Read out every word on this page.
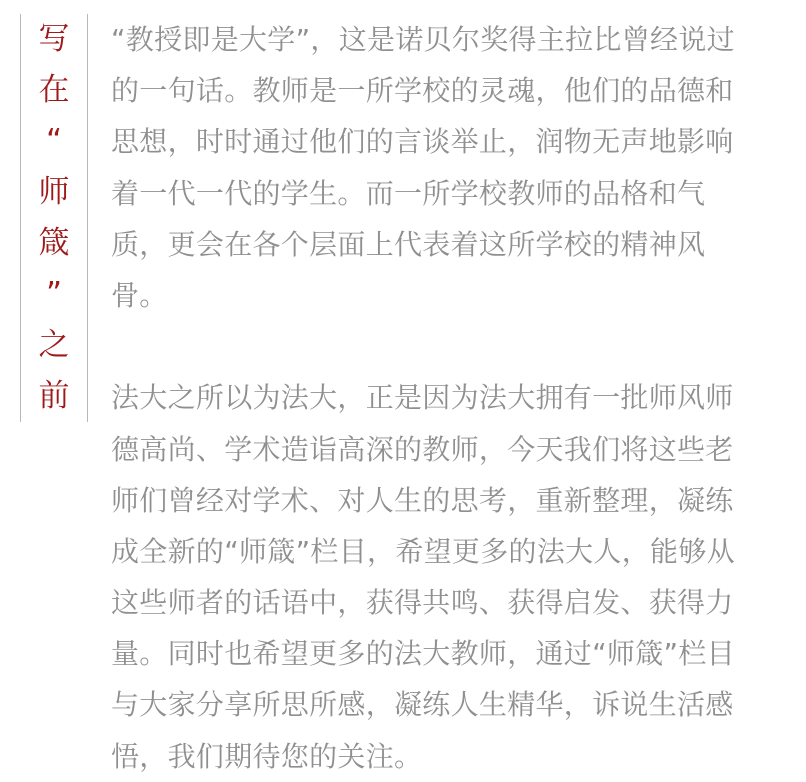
写
在
“
师
箴
”
之
前

“教授即是大学”，这是诺贝尔奖得主拉比曾经说过
的一句话。教师是一所学校的灵魂，他们的品德和
思想，时时通过他们的言谈举止，润物无声地影响
着一代一代的学生。而一所学校教师的品格和气
质，更会在各个层面上代表着这所学校的精神风
骨。

法大之所以为法大，正是因为法大拥有一批师风师
德高尚、学术造诣高深的教师，今天我们将这些老
师们曾经对学术、对人生的思考，重新整理，凝练
成全新的“师箴”栏目，希望更多的法大人，能够从
这些师者的话语中，获得共鸣、获得启发、获得力
量。同时也希望更多的法大教师，通过“师箴”栏目
与大家分享所思所感，凝练人生精华，诉说生活感
悟，我们期待您的关注。
